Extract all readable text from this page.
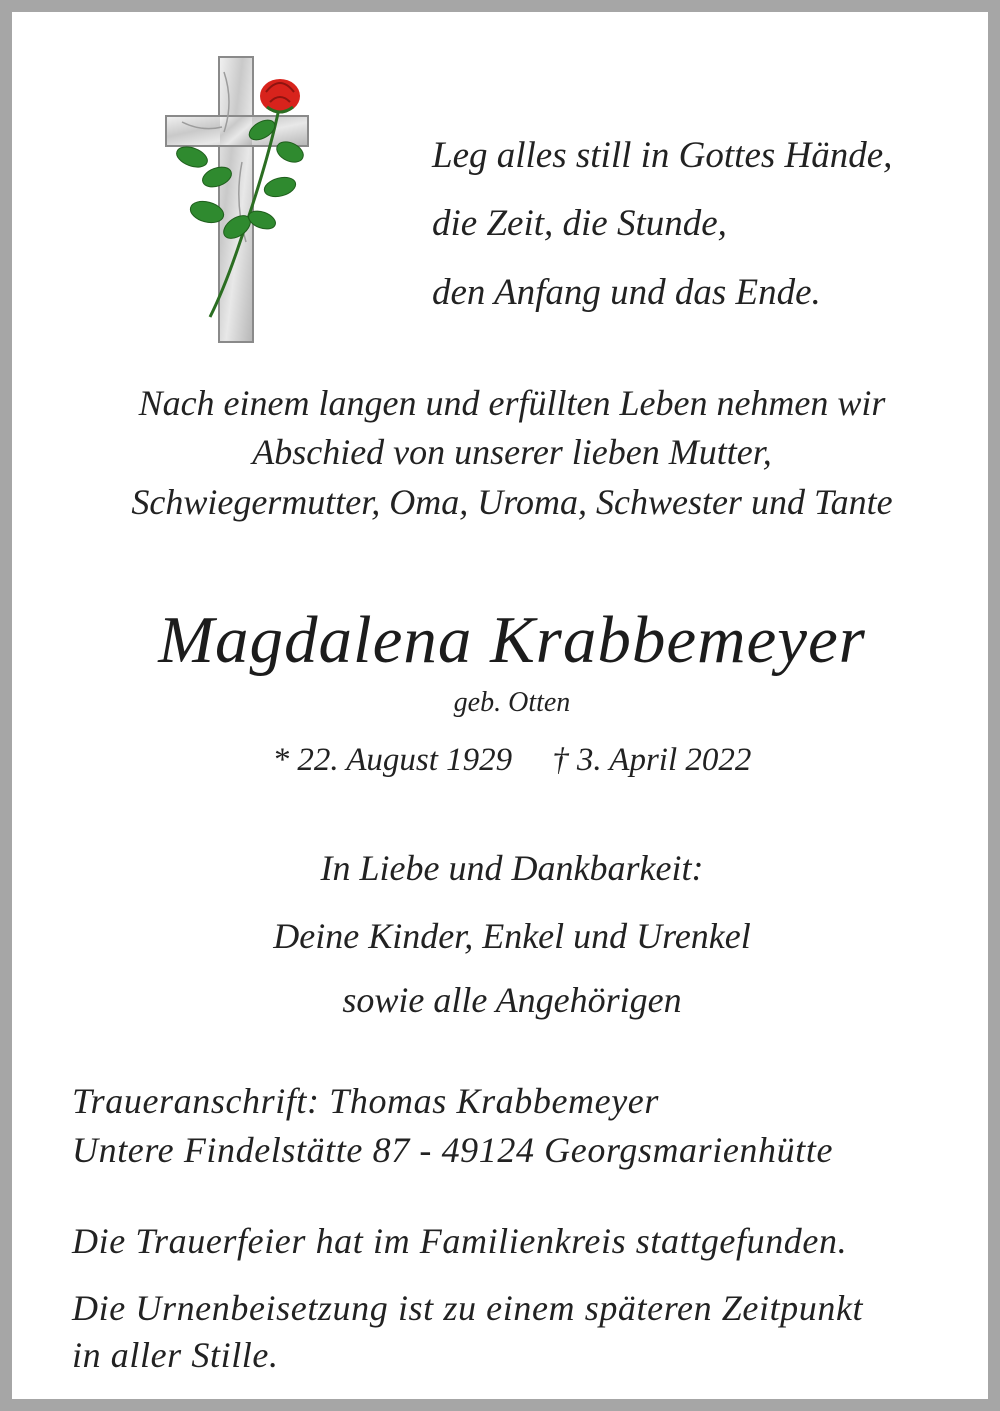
Leg alles still in Gottes Hände,
die Zeit, die Stunde,
den Anfang und das Ende.
Nach einem langen und erfüllten Leben nehmen wir
Abschied von unserer lieben Mutter,
Schwiegermutter, Oma, Uroma, Schwester und Tante
Magdalena Krabbemeyer
geb. Otten
* 22. August 1929 † 3. April 2022
In Liebe und Dankbarkeit:
Deine Kinder, Enkel und Urenkel
sowie alle Angehörigen
Traueranschrift: Thomas Krabbemeyer
Untere Findelstätte 87 - 49124 Georgsmarienhütte
Die Trauerfeier hat im Familienkreis stattgefunden.
Die Urnenbeisetzung ist zu einem späteren Zeitpunkt
in aller Stille.
